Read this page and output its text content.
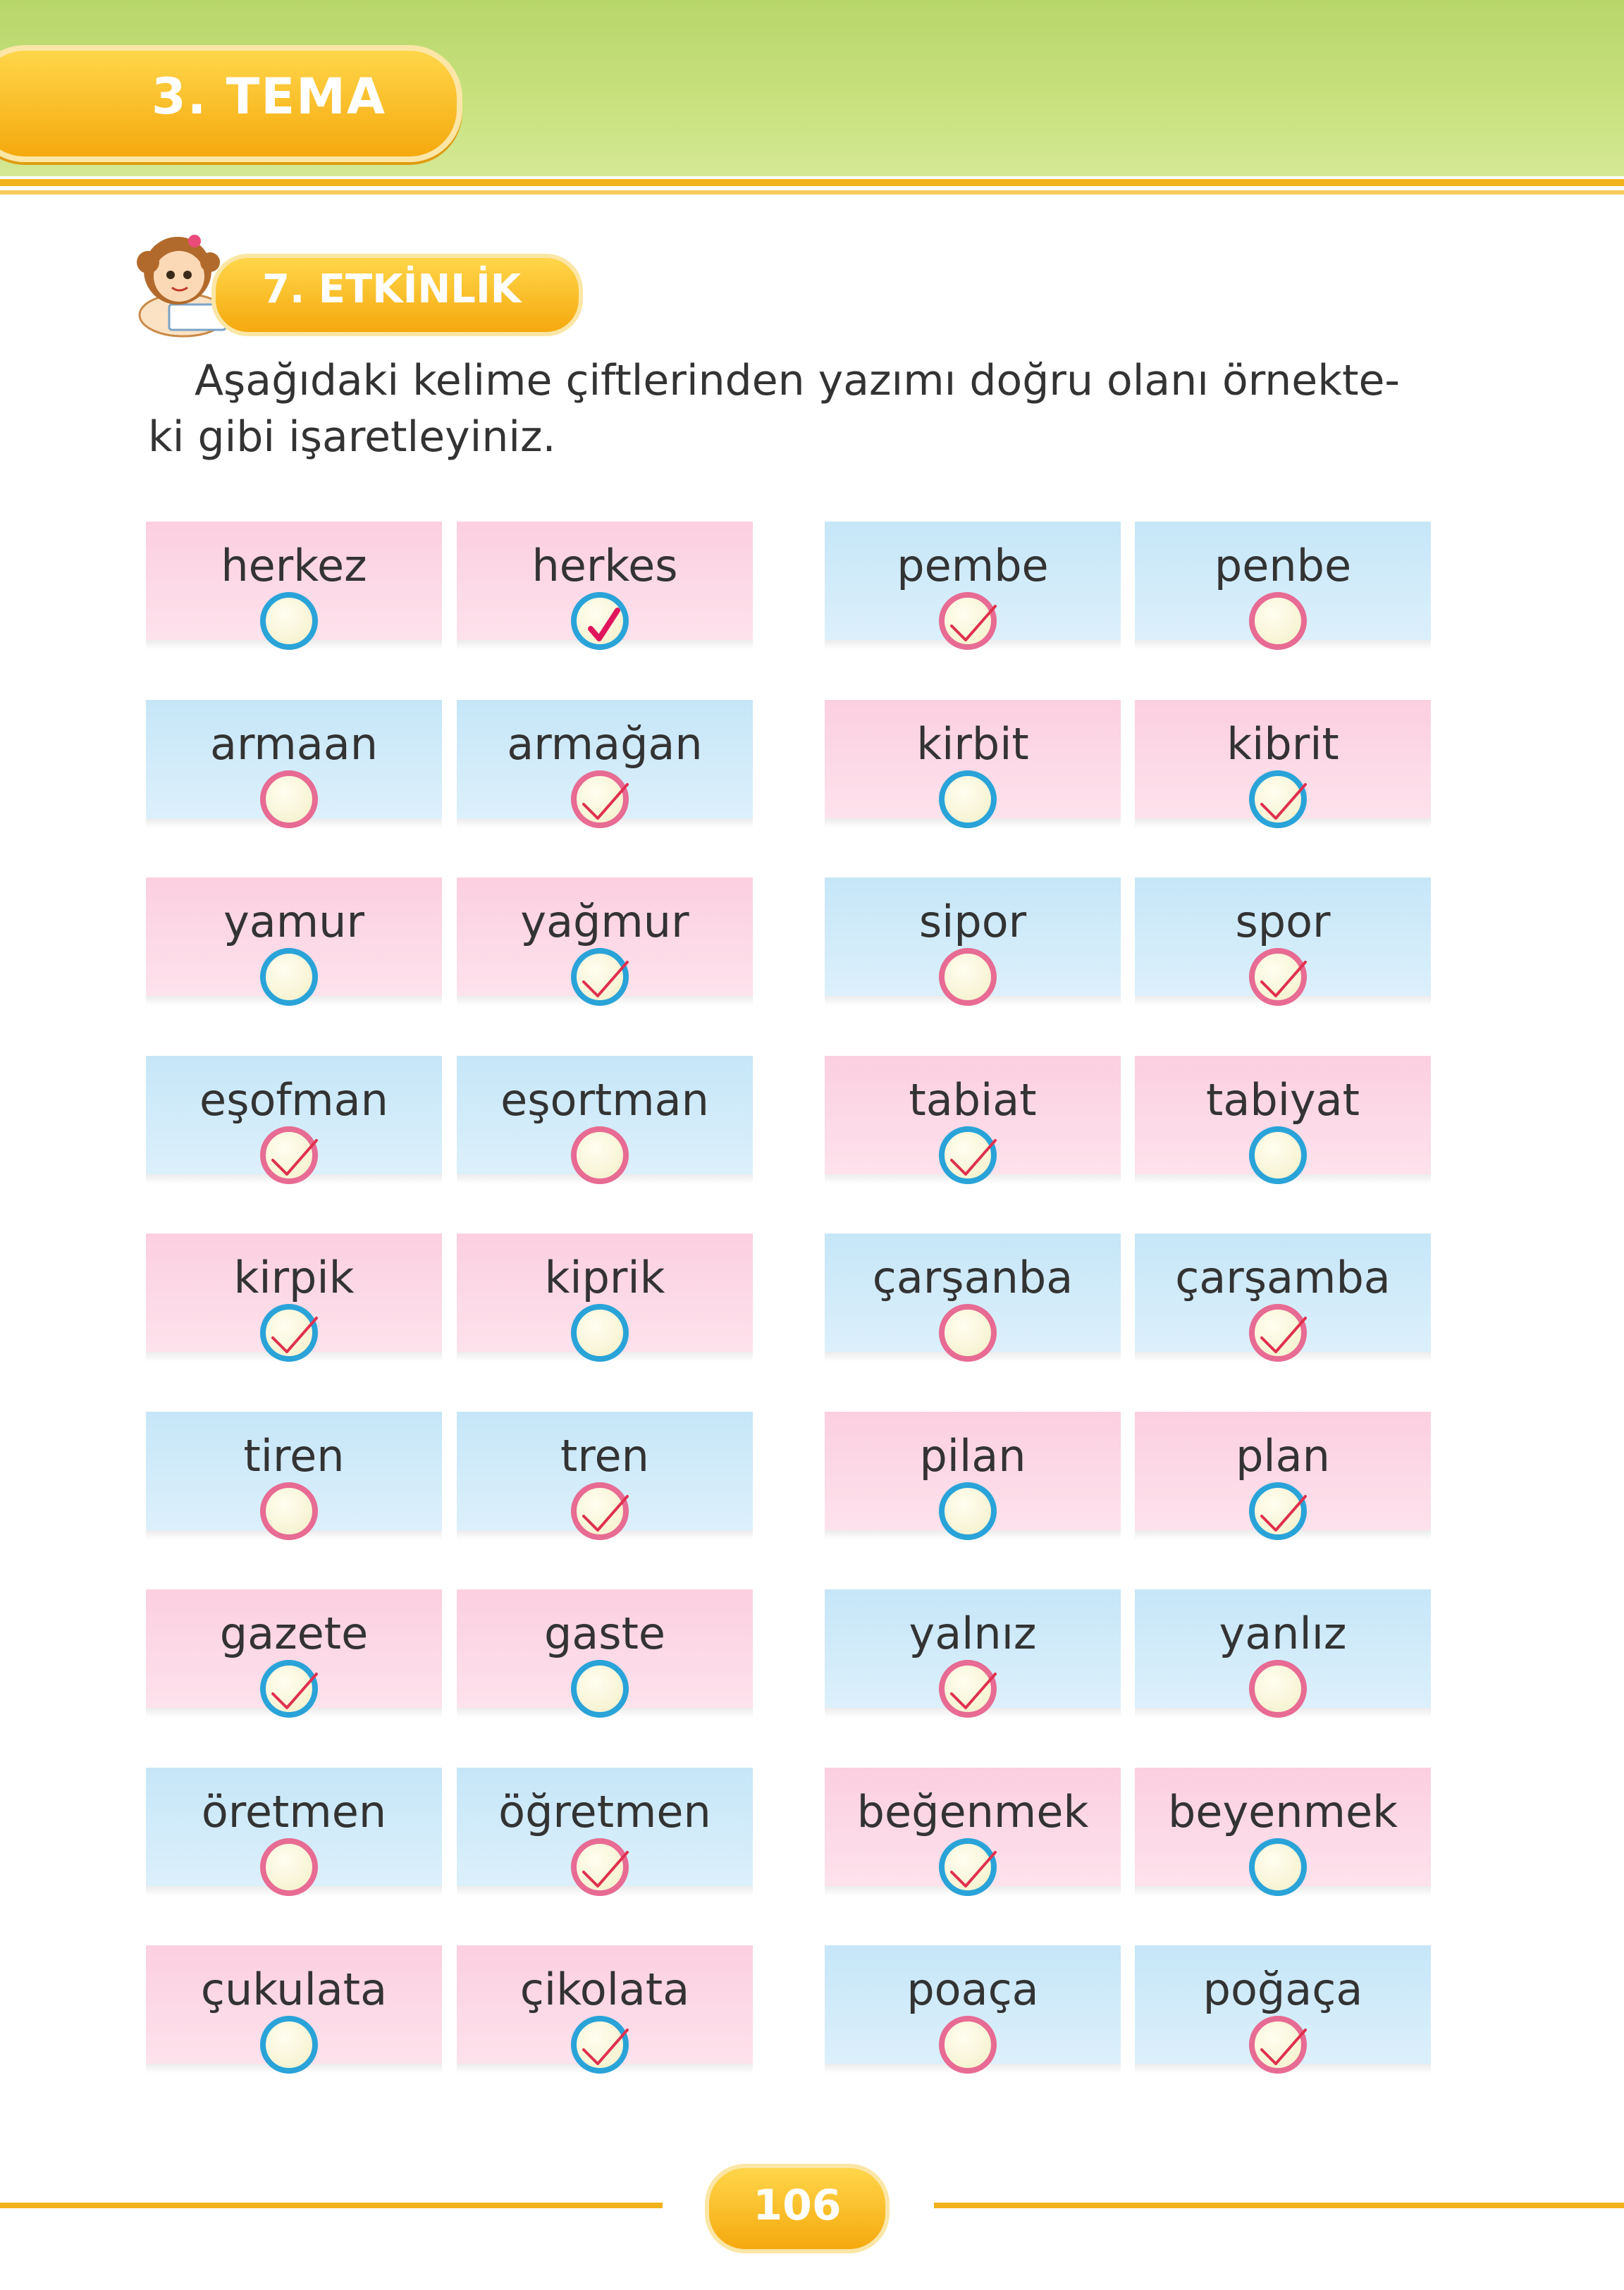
3. TEMA
7. ETKİNLİK
Aşağıdaki kelime çiftlerinden yazımı doğru olanı örnekte-
ki gibi işaretleyiniz.
herkez	herkes
armaan	armağan
yamur	yağmur
eşofman	eşortman
kirpik	kiprik
tiren	tren
gazete	gaste
öretmen	öğretmen
çukulata	çikolata
pembe	penbe
kirbit	kibrit
sipor	spor
tabiat	tabiyat
çarşanba	çarşamba
pilan	plan
yalnız	yanlız
beğenmek	beyenmek
poaça	poğaça
106
